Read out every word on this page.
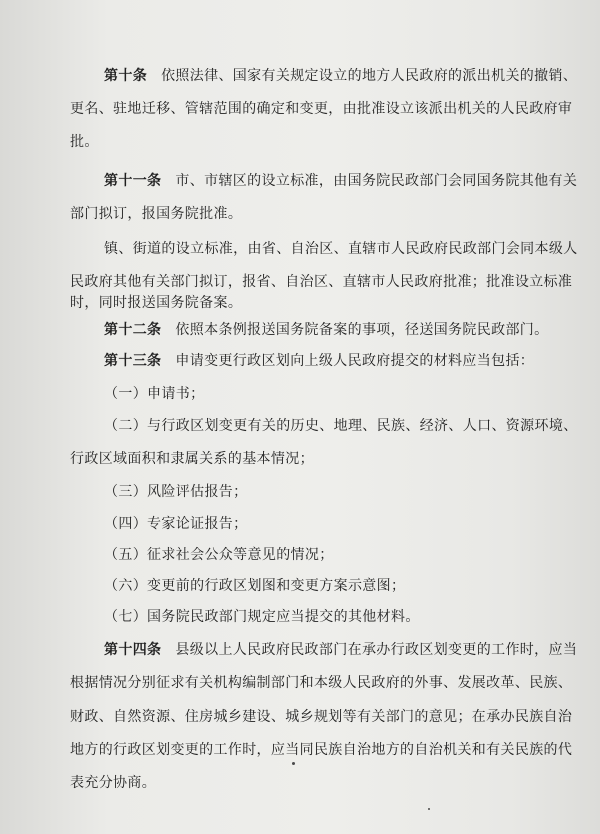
第十条 依照法律、国家有关规定设立的地方人民政府的派出机关的撤销、
更名、驻地迁移、管辖范围的确定和变更，由批准设立该派出机关的人民政府审
批。
第十一条 市、市辖区的设立标准，由国务院民政部门会同国务院其他有关
部门拟订，报国务院批准。
镇、街道的设立标准，由省、自治区、直辖市人民政府民政部门会同本级人
民政府其他有关部门拟订，报省、自治区、直辖市人民政府批准；批准设立标准
时，同时报送国务院备案。
第十二条 依照本条例报送国务院备案的事项，径送国务院民政部门。
第十三条 申请变更行政区划向上级人民政府提交的材料应当包括：
（一）申请书；
（二）与行政区划变更有关的历史、地理、民族、经济、人口、资源环境、
行政区域面积和隶属关系的基本情况；
（三）风险评估报告；
（四）专家论证报告；
（五）征求社会公众等意见的情况；
（六）变更前的行政区划图和变更方案示意图；
（七）国务院民政部门规定应当提交的其他材料。
第十四条 县级以上人民政府民政部门在承办行政区划变更的工作时，应当
根据情况分别征求有关机构编制部门和本级人民政府的外事、发展改革、民族、
财政、自然资源、住房城乡建设、城乡规划等有关部门的意见；在承办民族自治
地方的行政区划变更的工作时，应当同民族自治地方的自治机关和有关民族的代
表充分协商。
